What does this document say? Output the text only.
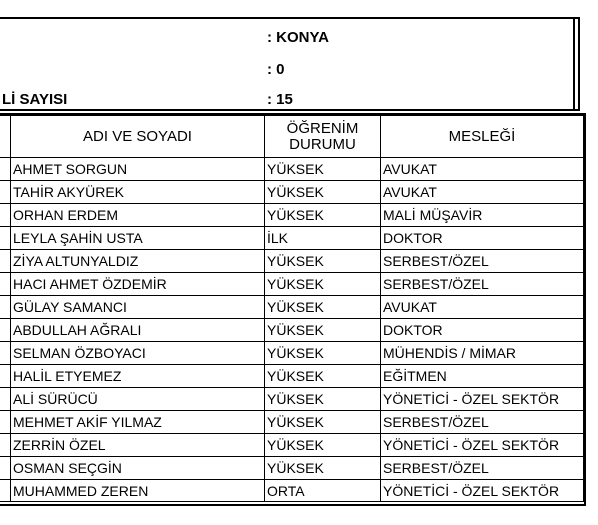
: KONYA
: 0
Lİ SAYISI	: 15
	ADI VE SOYADI	ÖĞRENİM DURUMU	MESLEĞİ
	AHMET SORGUN	YÜKSEK	AVUKAT
	TAHİR AKYÜREK	YÜKSEK	AVUKAT
	ORHAN ERDEM	YÜKSEK	MALİ MÜŞAVİR
	LEYLA ŞAHİN USTA	İLK	DOKTOR
	ZİYA ALTUNYALDIZ	YÜKSEK	SERBEST/ÖZEL
	HACI AHMET ÖZDEMİR	YÜKSEK	SERBEST/ÖZEL
	GÜLAY SAMANCI	YÜKSEK	AVUKAT
	ABDULLAH AĞRALI	YÜKSEK	DOKTOR
	SELMAN ÖZBOYACI	YÜKSEK	MÜHENDİS / MİMAR
	HALİL ETYEMEZ	YÜKSEK	EĞİTMEN
	ALİ SÜRÜCÜ	YÜKSEK	YÖNETİCİ - ÖZEL SEKTÖR
	MEHMET AKİF YILMAZ	YÜKSEK	SERBEST/ÖZEL
	ZERRİN ÖZEL	YÜKSEK	YÖNETİCİ - ÖZEL SEKTÖR
	OSMAN SEÇGİN	YÜKSEK	SERBEST/ÖZEL
	MUHAMMED ZEREN	ORTA	YÖNETİCİ - ÖZEL SEKTÖR
